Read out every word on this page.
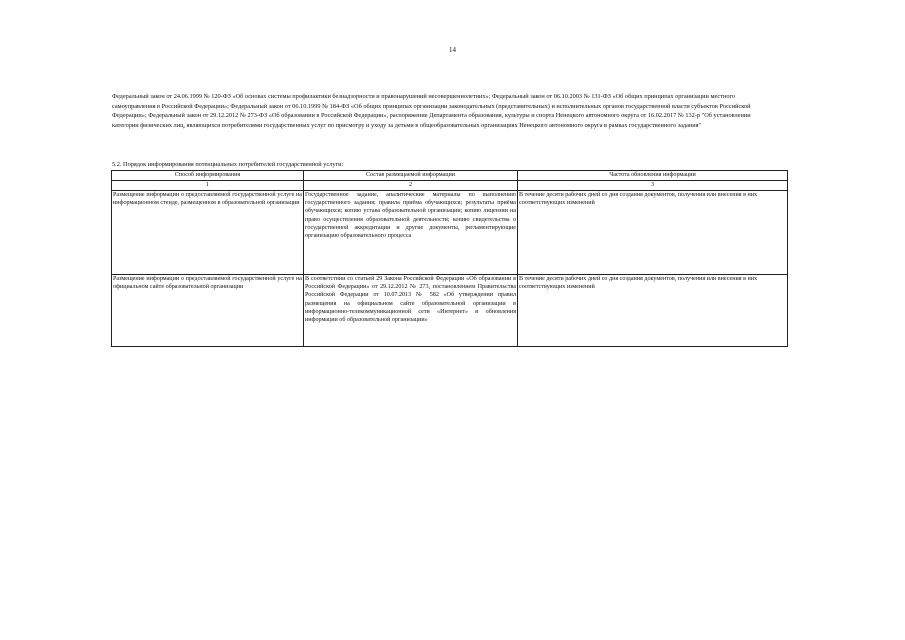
14
Федеральный закон от 24.06.1999 № 120-ФЗ «Об основах системы профилактики безнадзорности и правонарушений несовершеннолетних»; Федеральный закон от 06.10.2003 № 131-ФЗ «Об общих принципах организации местного самоуправления в Российской Федерации»; Федеральный закон от 06.10.1999 № 184-ФЗ «Об общих принципах организации законодательных (представительных) и исполнительных органов государственной власти субъектов Российской Федерации»; Федеральный закон от 29.12.2012 № 273-ФЗ «Об образовании в Российской Федерации», распоряжение Департамента образования, культуры и спорта Ненецкого автономного округа от 16.02.2017 № 132-р "Об установлении категории физических лиц, являющихся потребителями государственных услуг по присмотру и уходу за детьми в общеобразовательных организациях Ненецкого автономного округа в рамках государственного задания"
5.2. Порядок информирования потенциальных потребителей государственной услуги:
Способ информирования	Состав размещаемой информации	Частота обновления информации
1	2	3
Размещение информации о предоставляемой государственной услуге на информационном стенде, размещенном в образовательной организации	Государственное задание, аналитические материалы по выполнению государственного задания; правила приёма обучающихся; результаты приёма обучающихся; копию устава образовательной организации; копию лицензии на право осуществления образовательной деятельности; копию свидетельства о государственной аккредитации и другие документы, регламентирующие организацию образовательного процесса	В течение десяти рабочих дней со дня создания документов, получения или внесения в них соответствующих изменений
Размещение информации о предоставляемой государственной услуге на официальном сайте образовательной организации	В соответствии со статьей 29 Закона Российской Федерации «Об образовании в Российской Федерации» от 29.12.2012 № 273, постановлением Правительства Российской Федерации от 10.07.2013 № 582 «Об утверждении правил размещения на официальном сайте образовательной организации в информационно-телекоммуникационной сети «Интернет» и обновления информации об образовательной организации»	В течение десяти рабочих дней со дня создания документов, получения или внесения в них соответствующих изменений
